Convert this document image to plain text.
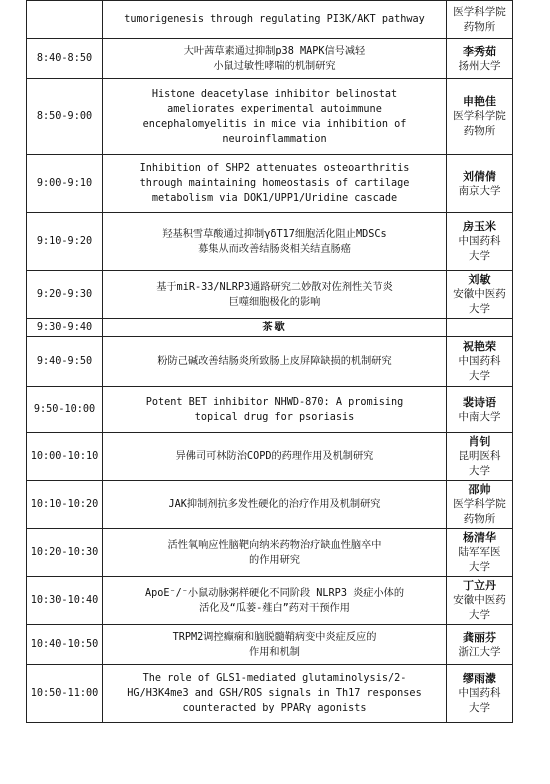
	tumorigenesis through regulating PI3K/AKT pathway	医学科学院
药物所

8:40-8:50	大叶茜草素通过抑制p38 MAPK信号减轻
小鼠过敏性哮喘的机制研究	李秀茹
扬州大学

8:50-9:00	Histone deacetylase inhibitor belinostat
ameliorates experimental autoimmune
encephalomyelitis in mice via inhibition of
neuroinflammation	申艳佳
医学科学院
药物所

9:00-9:10	Inhibition of SHP2 attenuates osteoarthritis
through maintaining homeostasis of cartilage
metabolism via DOK1/UPP1/Uridine cascade	刘倩倩
南京大学

9:10-9:20	羟基积雪草酸通过抑制γδT17细胞活化阻止MDSCs
募集从而改善结肠炎相关结直肠癌	房玉米
中国药科
大学

9:20-9:30	基于miR-33/NLRP3通路研究二妙散对佐剂性关节炎
巨噬细胞极化的影响	刘敏
安徽中医药
大学

9:30-9:40	茶歇	
9:40-9:50	粉防己碱改善结肠炎所致肠上皮屏障缺损的机制研究	祝艳荣
中国药科
大学

9:50-10:00	Potent BET inhibitor NHWD-870: A promising
topical drug for psoriasis	裴诗语
中南大学

10:00-10:10	异佛司可林防治COPD的药理作用及机制研究	肖钊
昆明医科
大学

10:10-10:20	JAK抑制剂抗多发性硬化的治疗作用及机制研究	邵帅
医学科学院
药物所

10:20-10:30	活性氧响应性脑靶向纳米药物治疗缺血性脑卒中
的作用研究	杨清华
陆军军医
大学

10:30-10:40	ApoE⁻/⁻小鼠动脉粥样硬化不同阶段 NLRP3 炎症小体的
活化及“瓜蒌-薤白”药对干预作用	丁立丹
安徽中医药
大学

10:40-10:50	TRPM2调控癫痫和脑脱髓鞘病变中炎症反应的
作用和机制	龚丽芬
浙江大学

10:50-11:00	The role of GLS1-mediated glutaminolysis/2-
HG/H3K4me3 and GSH/ROS signals in Th17 responses
counteracted by PPARγ agonists	缪雨濛
中国药科
大学
